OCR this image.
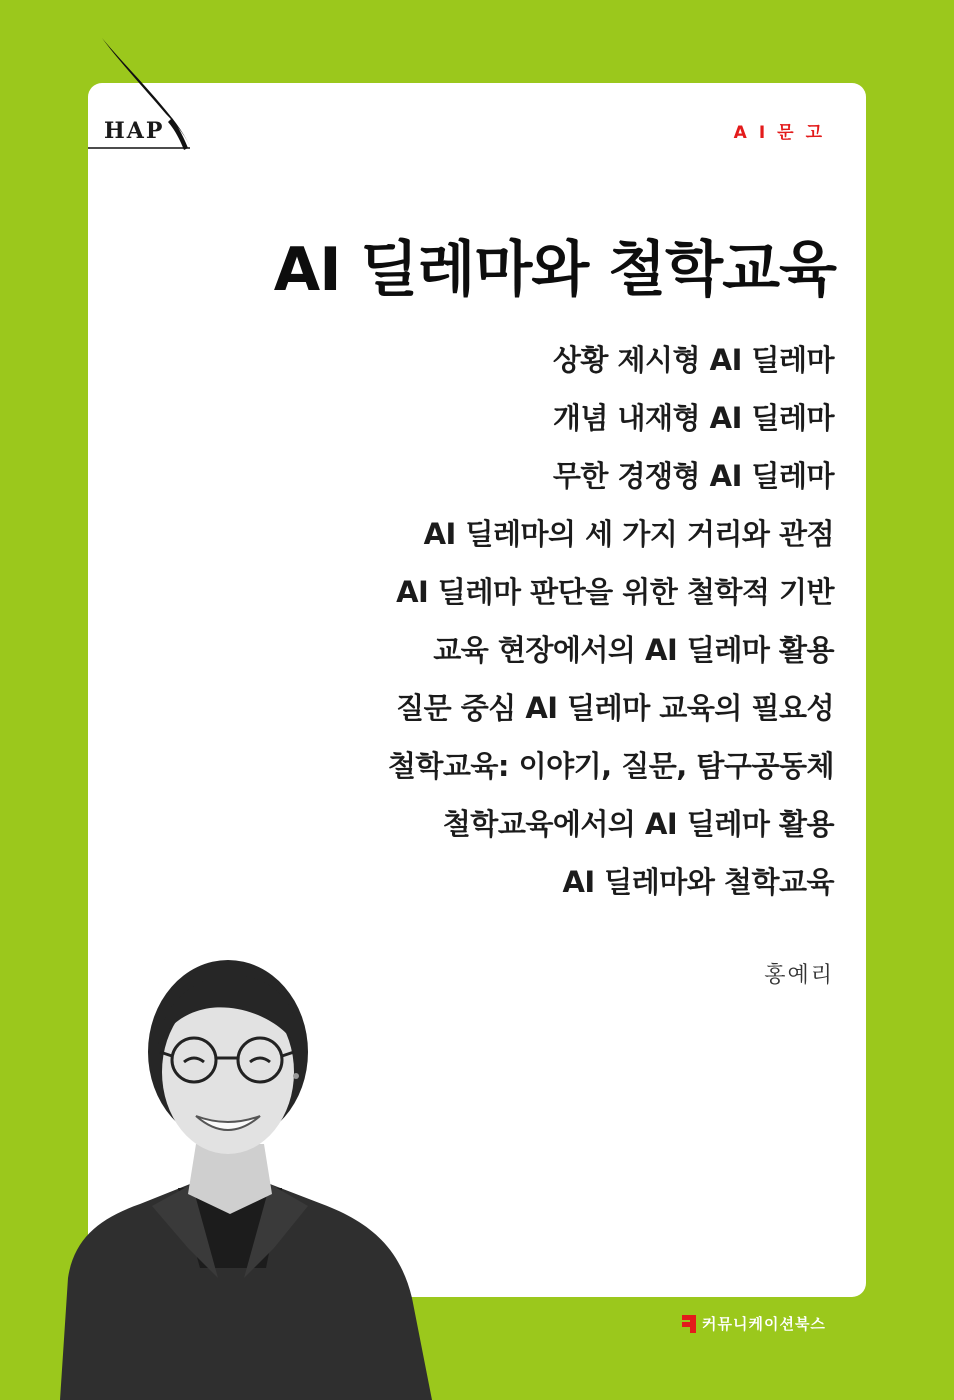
HAP	AI문고
AI 딜레마와 철학교육
상황 제시형 AI 딜레마
개념 내재형 AI 딜레마
무한 경쟁형 AI 딜레마
AI 딜레마의 세 가지 거리와 관점
AI 딜레마 판단을 위한 철학적 기반
교육 현장에서의 AI 딜레마 활용
질문 중심 AI 딜레마 교육의 필요성
철학교육: 이야기, 질문, 탐구공동체
철학교육에서의 AI 딜레마 활용
AI 딜레마와 철학교육
홍예리
커뮤니케이션북스
